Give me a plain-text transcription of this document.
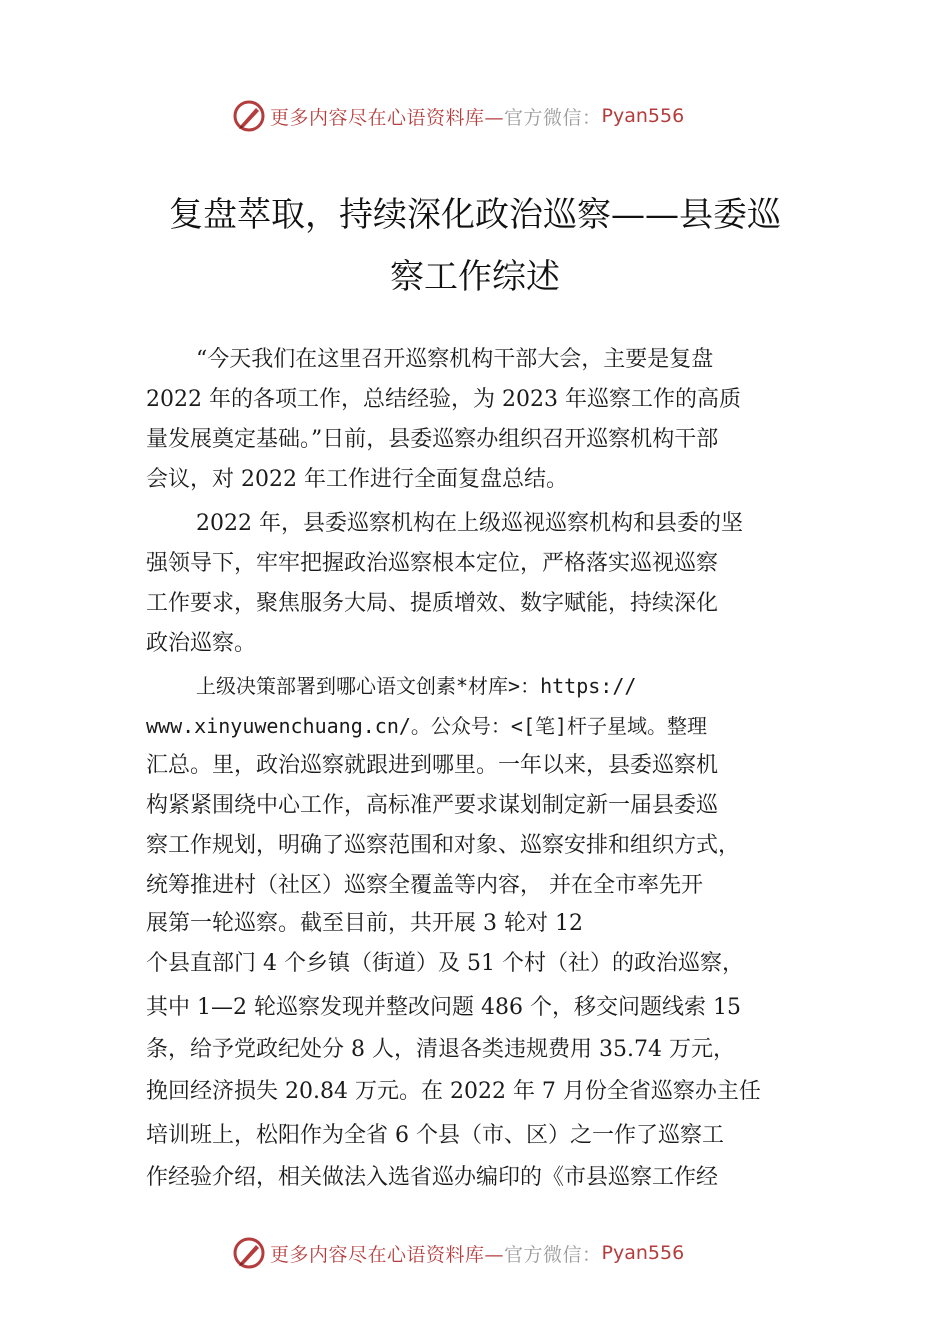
更多内容尽在心语资料库— 官方微信： Pyan556
复盘萃取，持续深化政治巡察——县委巡
察工作综述
“今天我们在这里召开巡察机构干部大会，主要是复盘
2022 年的各项工作，总结经验，为 2023 年巡察工作的高质
量发展奠定基础。”日前，县委巡察办组织召开巡察机构干部
会议，对 2022 年工作进行全面复盘总结。
2022 年，县委巡察机构在上级巡视巡察机构和县委的坚
强领导下，牢牢把握政治巡察根本定位，严格落实巡视巡察
工作要求，聚焦服务大局、提质增效、数字赋能，持续深化
政治巡察。
上级决策部署到哪心语文创素*材库>：https://
www.xinyuwenchuang.cn/。公众号：<[笔]杆子星域。整理
汇总。里，政治巡察就跟进到哪里。一年以来，县委巡察机
构紧紧围绕中心工作，高标准严要求谋划制定新一届县委巡
察工作规划，明确了巡察范围和对象、巡察安排和组织方式，
统筹推进村（社区）巡察全覆盖等内容， 并在全市率先开
展第一轮巡察。截至目前，共开展 3 轮对 12
个县直部门 4 个乡镇（街道）及 51 个村（社）的政治巡察，
其中 1—2 轮巡察发现并整改问题 486 个，移交问题线索 15
条，给予党政纪处分 8 人，清退各类违规费用 35.74 万元，
挽回经济损失 20.84 万元。在 2022 年 7 月份全省巡察办主任
培训班上，松阳作为全省 6 个县（市、区）之一作了巡察工
作经验介绍，相关做法入选省巡办编印的《市县巡察工作经
更多内容尽在心语资料库— 官方微信： Pyan556
